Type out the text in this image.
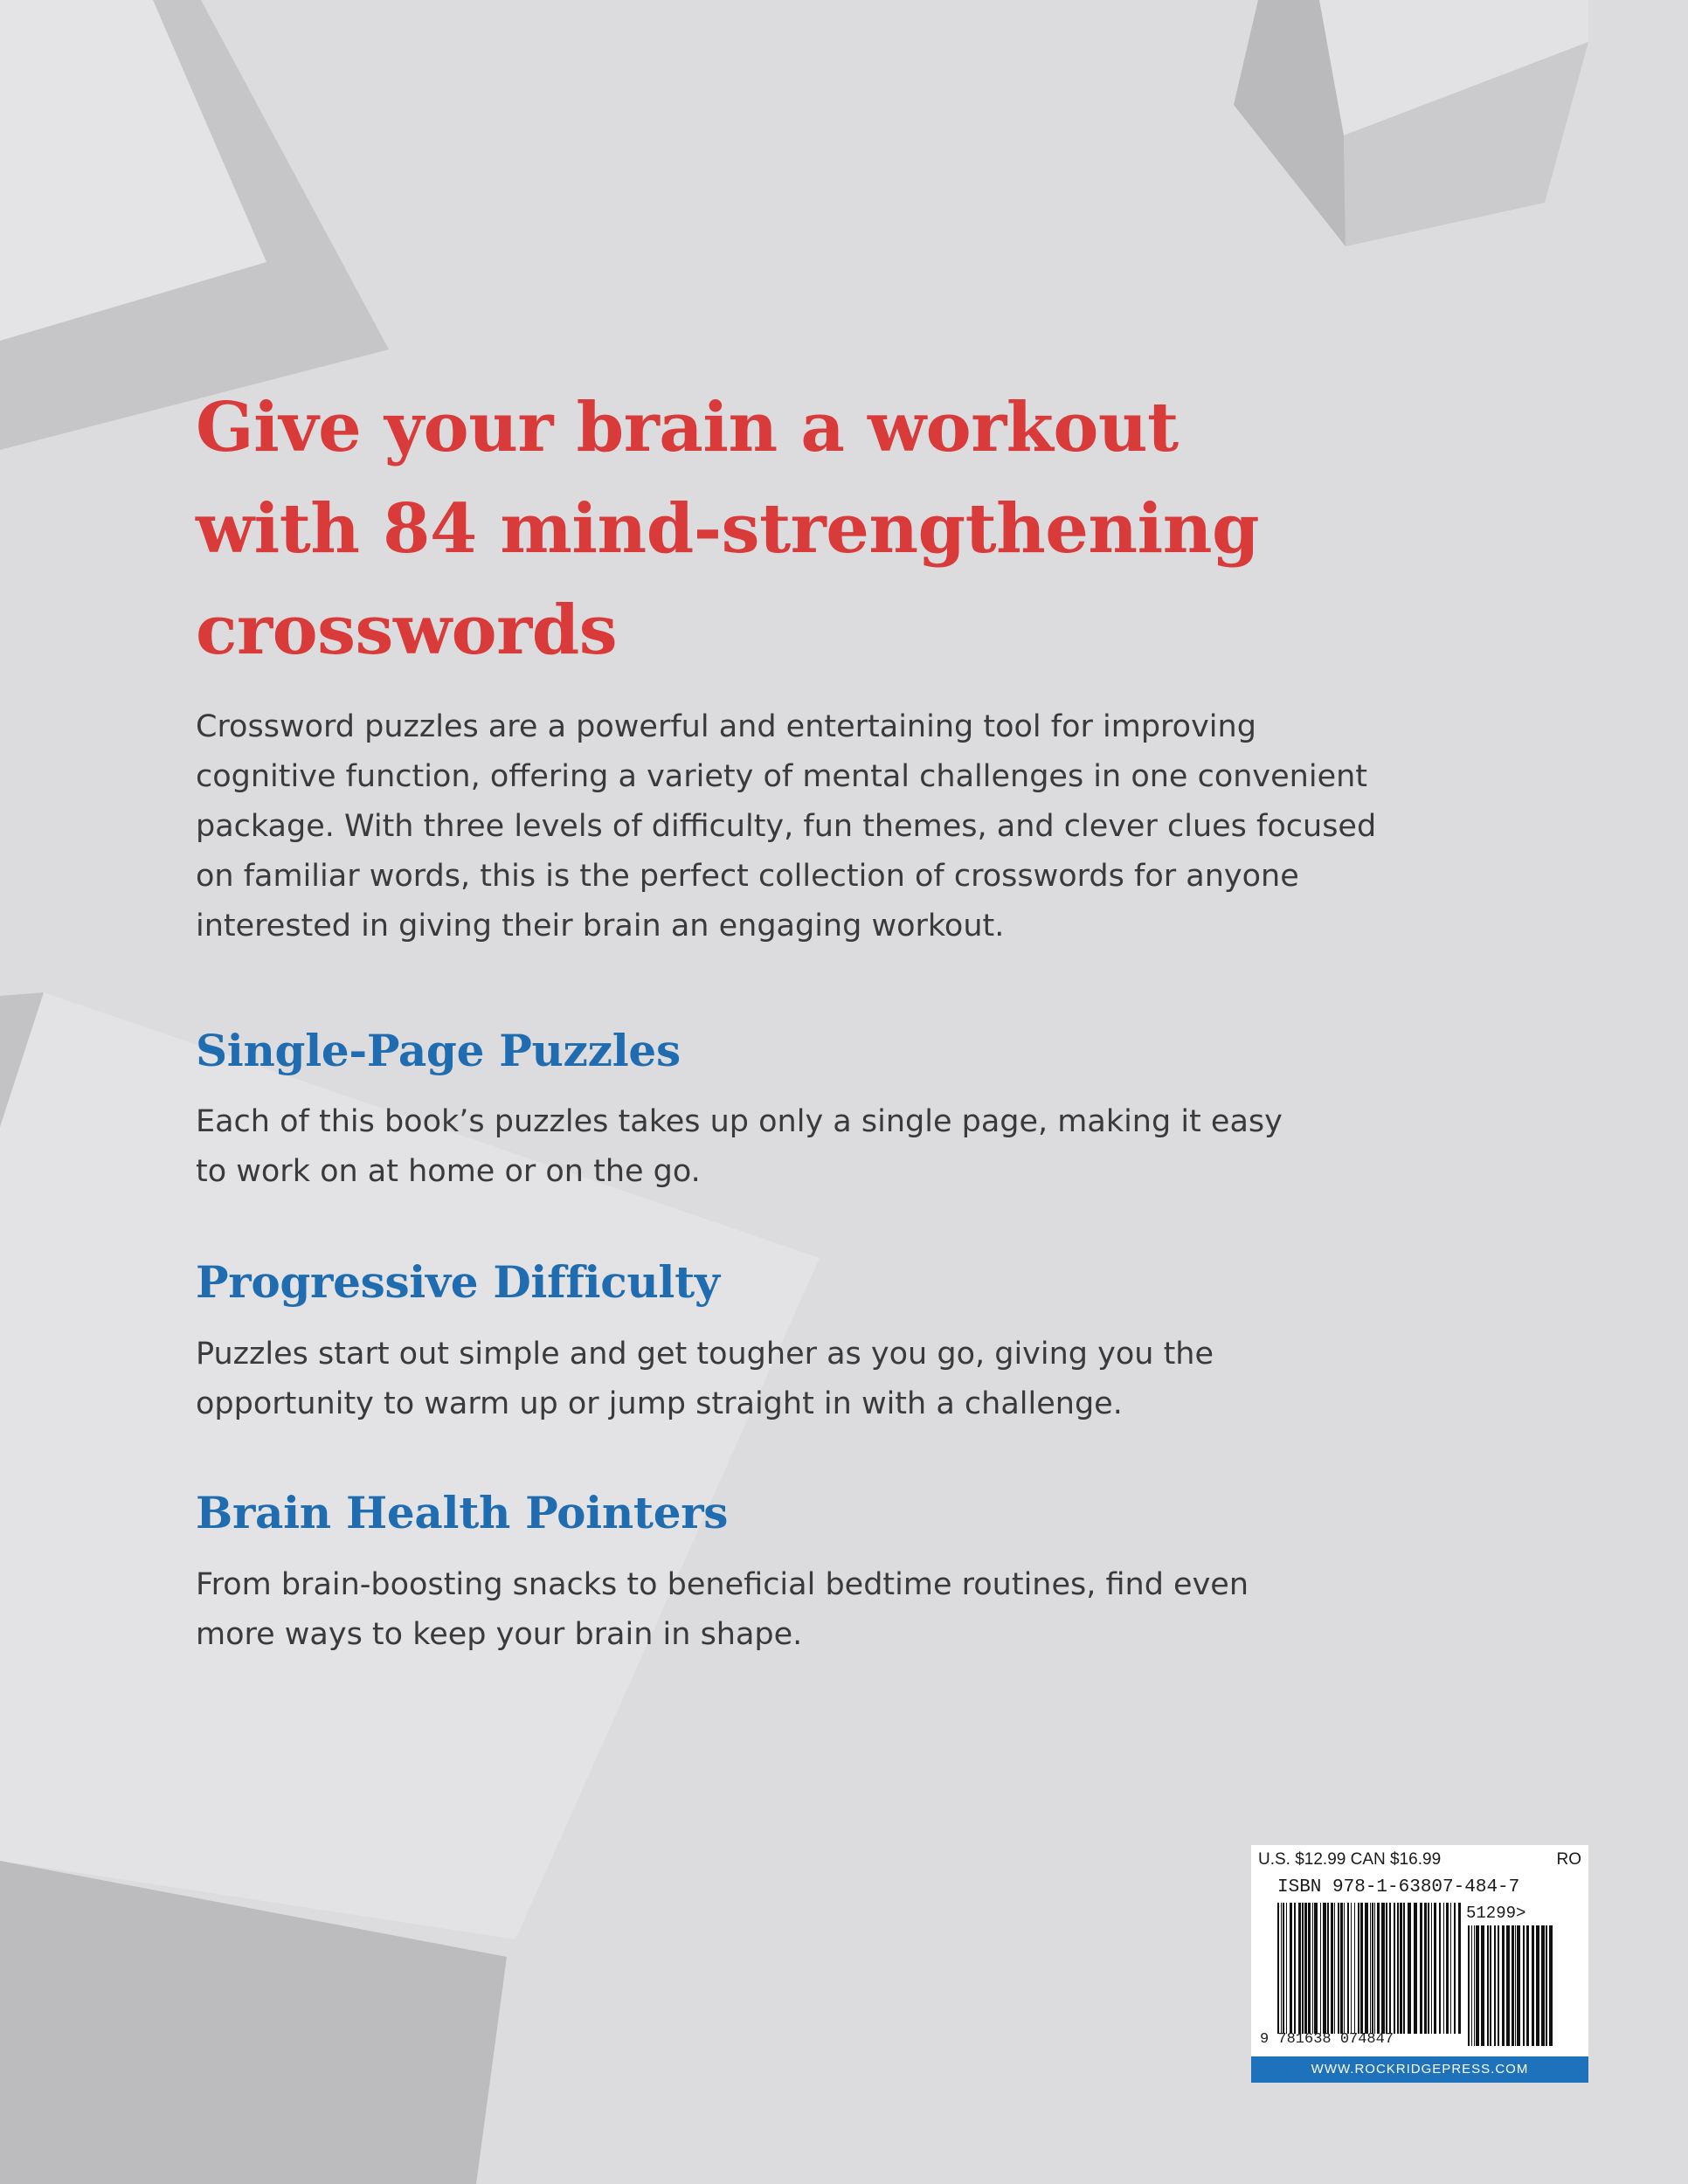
Give your brain a workout
with 84 mind-strengthening
crosswords

Crossword puzzles are a powerful and entertaining tool for improving
cognitive function, offering a variety of mental challenges in one convenient
package. With three levels of difficulty, fun themes, and clever clues focused
on familiar words, this is the perfect collection of crosswords for anyone
interested in giving their brain an engaging workout.

Single-Page Puzzles

Each of this book’s puzzles takes up only a single page, making it easy
to work on at home or on the go.

Progressive Difficulty

Puzzles start out simple and get tougher as you go, giving you the
opportunity to warm up or jump straight in with a challenge.

Brain Health Pointers

From brain-boosting snacks to beneficial bedtime routines, find even
more ways to keep your brain in shape.

U.S. $12.99 CAN $16.99	RO
ISBN 978-1-63807-484-7
9 781638 074847
51299>
WWW.ROCKRIDGEPRESS.COM
